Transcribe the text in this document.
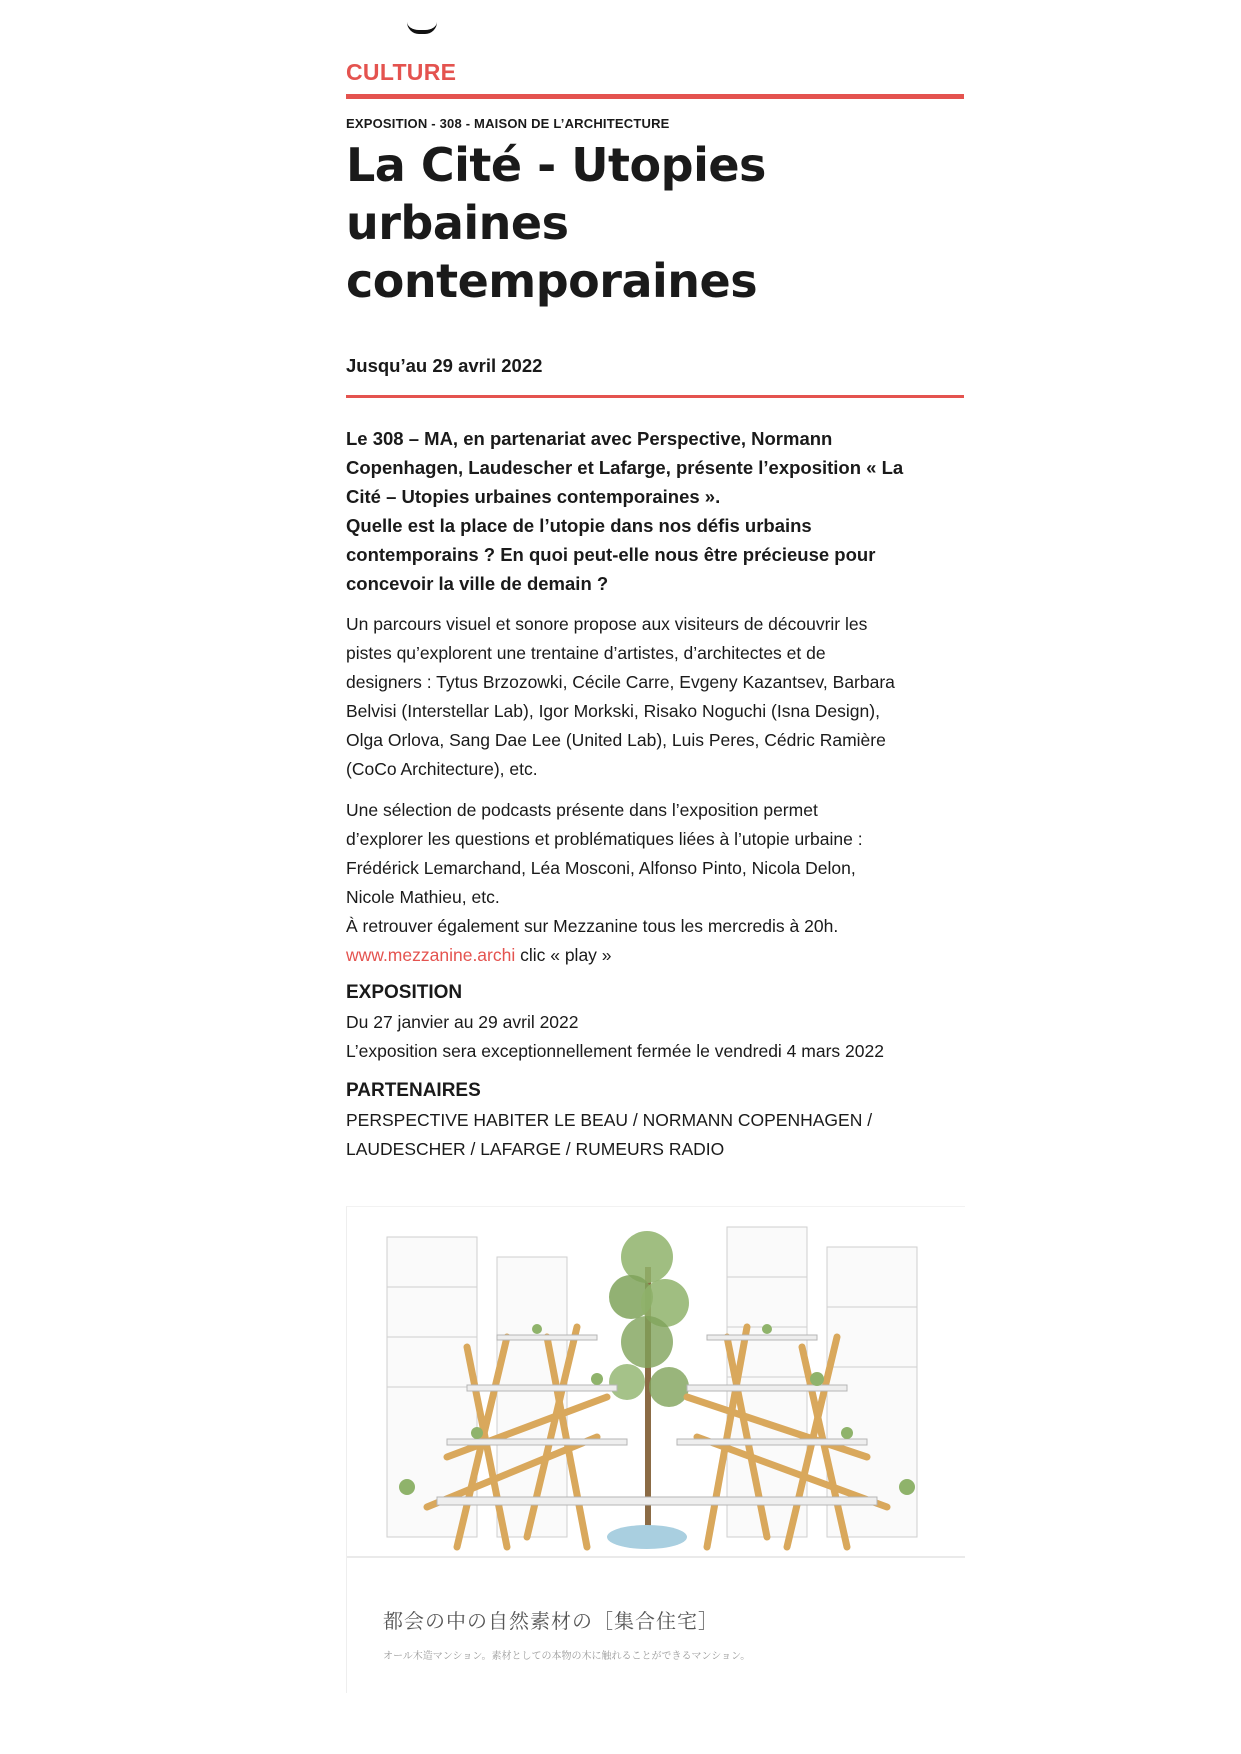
CULTURE
EXPOSITION - 308 - MAISON DE L’ARCHITECTURE
La Cité - Utopies
urbaines
contemporaines
Jusqu’au 29 avril 2022

Le 308 – MA, en partenariat avec Perspective, Normann

Copenhagen, Laudescher et Lafarge, présente l’exposition « La

Cité – Utopies urbaines contemporaines ».

Quelle est la place de l’utopie dans nos défis urbains

contemporains ? En quoi peut-elle nous être précieuse pour

concevoir la ville de demain ?

Un parcours visuel et sonore propose aux visiteurs de découvrir les

pistes qu’explorent une trentaine d’artistes, d’architectes et de

designers : Tytus Brzozowki, Cécile Carre, Evgeny Kazantsev, Barbara

Belvisi (Interstellar Lab), Igor Morkski, Risako Noguchi (Isna Design),

Olga Orlova, Sang Dae Lee (United Lab), Luis Peres, Cédric Ramière

(CoCo Architecture), etc.

Une sélection de podcasts présente dans l’exposition permet

d’explorer les questions et problématiques liées à l’utopie urbaine :

Frédérick Lemarchand, Léa Mosconi, Alfonso Pinto, Nicola Delon,

Nicole Mathieu, etc.

À retrouver également sur Mezzanine tous les mercredis à 20h.

www.mezzanine.archi clic « play »

EXPOSITION

Du 27 janvier au 29 avril 2022

L’exposition sera exceptionnellement fermée le vendredi 4 mars 2022

PARTENAIRES

PERSPECTIVE HABITER LE BEAU / NORMANN COPENHAGEN /

LAUDESCHER / LAFARGE / RUMEURS RADIO

都会の中の自然素材の［集合住宅］
オール木造マンション。素材としての本物の木に触れることができるマンション。
